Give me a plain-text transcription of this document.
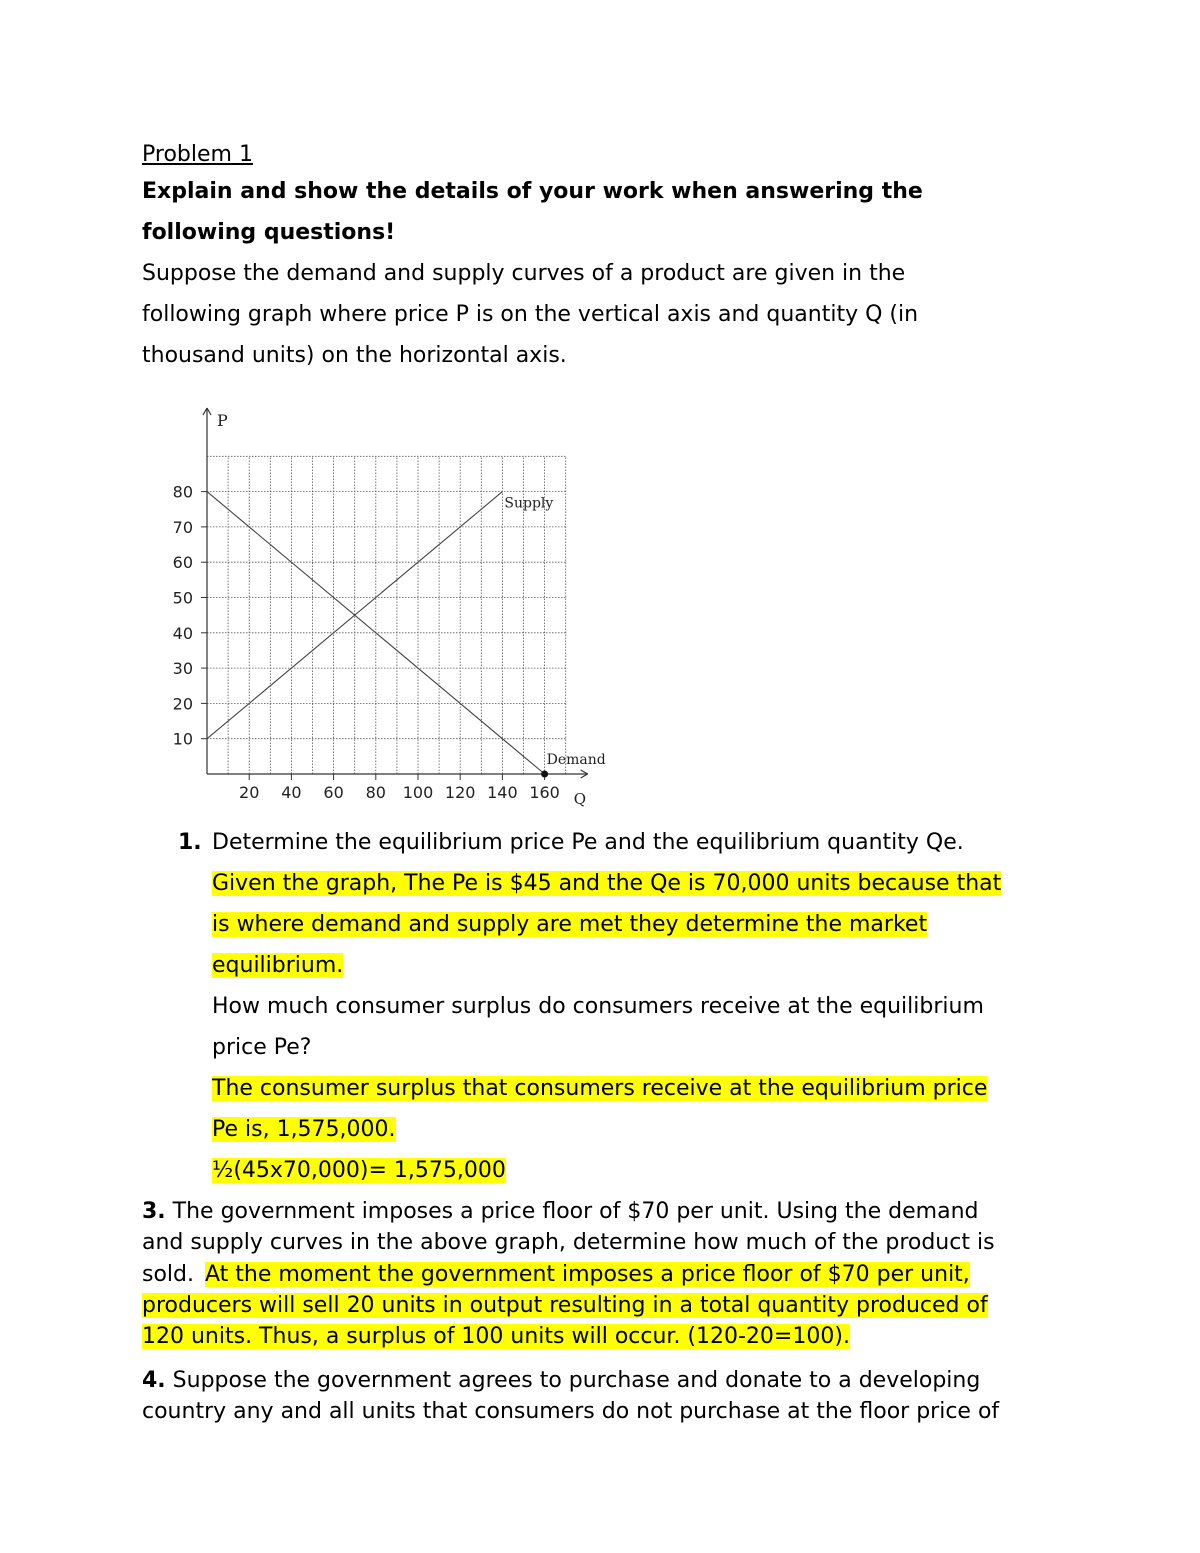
Problem 1
Explain and show the details of your work when answering the
following questions!
Suppose the demand and supply curves of a product are given in the
following graph where price P is on the vertical axis and quantity Q (in
thousand units) on the horizontal axis.
10
20
30
40
50
60
70
80
20 40 60 80 100 120 140 160
P
Q
Supply
Demand
1. Determine the equilibrium price Pe and the equilibrium quantity Qe.
Given the graph, The Pe is $45 and the Qe is 70,000 units because that
is where demand and supply are met they determine the market
equilibrium.
How much consumer surplus do consumers receive at the equilibrium
price Pe?
The consumer surplus that consumers receive at the equilibrium price
Pe is, 1,575,000.
½(45x70,000)= 1,575,000
3. The government imposes a price floor of $70 per unit. Using the demand
and supply curves in the above graph, determine how much of the product is
sold. At the moment the government imposes a price floor of $70 per unit,
producers will sell 20 units in output resulting in a total quantity produced of
120 units. Thus, a surplus of 100 units will occur. (120-20=100).
4. Suppose the government agrees to purchase and donate to a developing
country any and all units that consumers do not purchase at the floor price of
